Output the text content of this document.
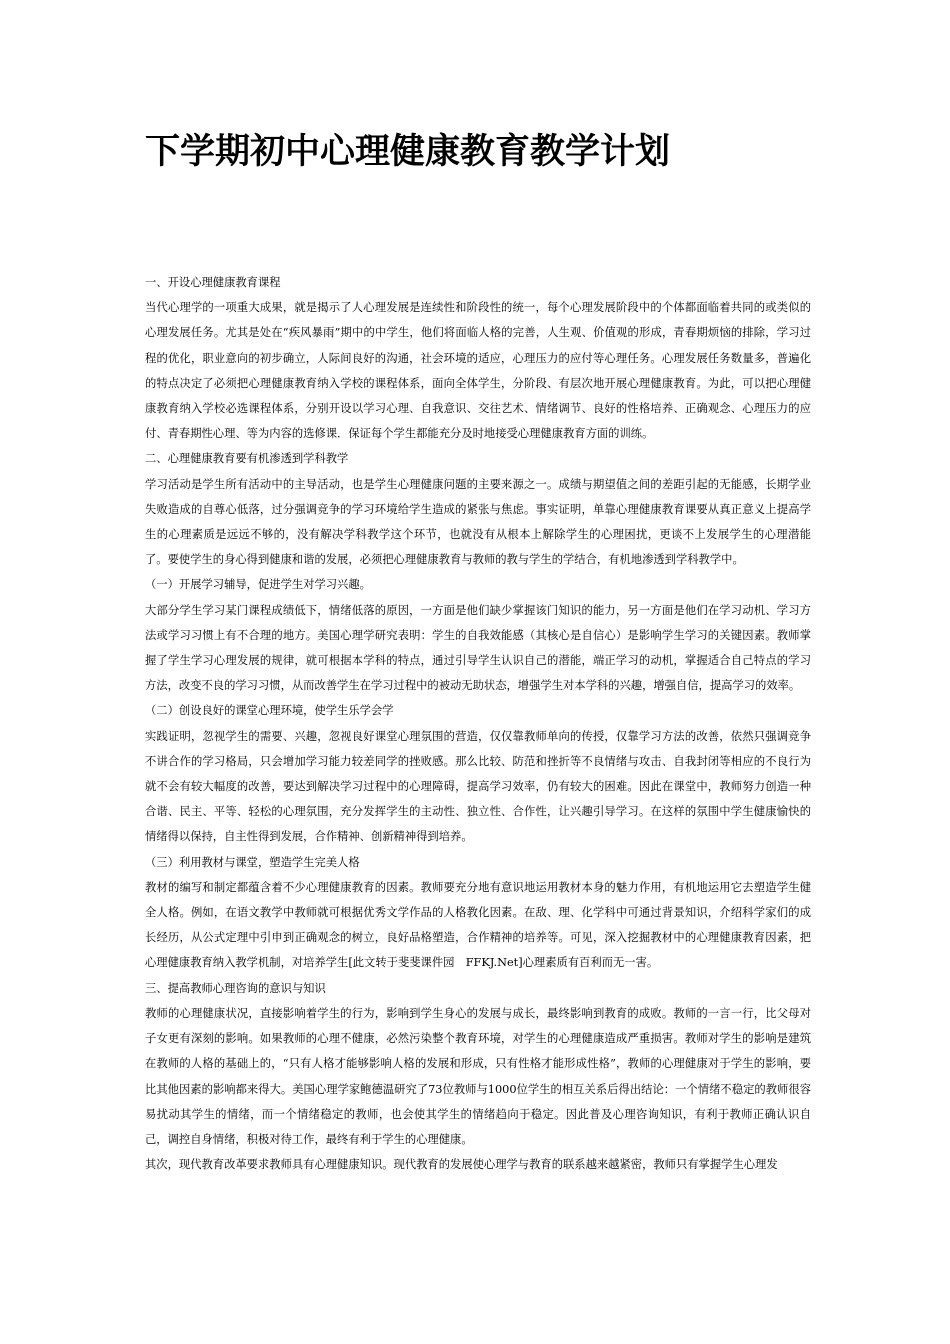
下学期初中心理健康教育教学计划

一、开设心理健康教育课程

当代心理学的一项重大成果，就是揭示了人心理发展是连续性和阶段性的统一，每个心理发展阶段中的个体都面临着共同的或类似的心理发展任务。尤其是处在“疾风暴雨”期中的中学生，他们将面临人格的完善，人生观、价值观的形成，青春期烦恼的排除，学习过程的优化，职业意向的初步确立，人际间良好的沟通，社会环境的适应，心理压力的应付等心理任务。心理发展任务数量多，普遍化的特点决定了必须把心理健康教育纳入学校的课程体系，面向全体学生，分阶段、有层次地开展心理健康教育。为此，可以把心理健康教育纳入学校必选课程体系，分别开设以学习心理、自我意识、交往艺术、情绪调节、良好的性格培养、正确观念、心理压力的应付、青春期性心理、等为内容的选修课．保证每个学生都能充分及时地接受心理健康教育方面的训练。

二、心理健康教育要有机渗透到学科教学

学习活动是学生所有活动中的主导活动，也是学生心理健康问题的主要来源之一。成绩与期望值之间的差距引起的无能感，长期学业失败造成的自尊心低落，过分强调竞争的学习环境给学生造成的紧张与焦虑。事实证明，单靠心理健康教育课要从真正意义上提高学生的心理素质是远远不够的，没有解决学科教学这个环节，也就没有从根本上解除学生的心理困扰，更谈不上发展学生的心理潜能了。要使学生的身心得到健康和谐的发展，必须把心理健康教育与教师的教与学生的学结合，有机地渗透到学科教学中。

（一）开展学习辅导，促进学生对学习兴趣。

大部分学生学习某门课程成绩低下，情绪低落的原因，一方面是他们缺少掌握该门知识的能力，另一方面是他们在学习动机、学习方法或学习习惯上有不合理的地方。美国心理学研究表明：学生的自我效能感（其核心是自信心）是影响学生学习的关键因素。教师掌握了学生学习心理发展的规律，就可根据本学科的特点，通过引导学生认识自己的潜能，端正学习的动机，掌握适合自己特点的学习方法，改变不良的学习习惯，从而改善学生在学习过程中的被动无助状态，增强学生对本学科的兴趣，增强自信，提高学习的效率。

（二）创设良好的课堂心理环境，使学生乐学会学

实践证明，忽视学生的需要、兴趣，忽视良好课堂心理氛围的营造，仅仅靠教师单向的传授，仅靠学习方法的改善，依然只强调竞争不讲合作的学习格局，只会增加学习能力较差同学的挫败感。那么比较、防范和挫折等不良情绪与攻击、自我封闭等相应的不良行为就不会有较大幅度的改善，要达到解决学习过程中的心理障碍，提高学习效率，仍有较大的困难。因此在课堂中，教师努力创造一种合谐、民主、平等、轻松的心理氛围，充分发挥学生的主动性、独立性、合作性，让兴趣引导学习。在这样的氛围中学生健康愉快的情绪得以保持，自主性得到发展，合作精神、创新精神得到培养。

（三）利用教材与课堂，塑造学生完美人格

教材的编写和制定都蕴含着不少心理健康教育的因素。教师要充分地有意识地运用教材本身的魅力作用，有机地运用它去塑造学生健全人格。例如，在语文教学中教师就可根据优秀文学作品的人格教化因素。在敌、理、化学科中可通过背景知识，介绍科学家们的成长经历，从公式定理中引申到正确观念的树立，良好品格塑造，合作精神的培养等。可见，深入挖掘教材中的心理健康教育因素，把心理健康教育纳入教学机制，对培养学生[此文转于斐斐课件园　FFKJ.Net]心理素质有百利而无一害。

三、提高教师心理咨询的意识与知识

教师的心理健康状况，直接影响着学生的行为，影响到学生身心的发展与成长，最终影响到教育的成败。教师的一言一行，比父母对子女更有深刻的影响。如果教师的心理不健康，必然污染整个教育环境，对学生的心理健康造成严重损害。教师对学生的影响是建筑在教师的人格的基础上的，“只有人格才能够影响人格的发展和形成，只有性格才能形成性格”，教师的心理健康对于学生的影响，要比其他因素的影响都来得大。美国心理学家鲍德温研究了73位教师与1000位学生的相互关系后得出结论：一个情绪不稳定的教师很容易扰动其学生的情绪，而一个情绪稳定的教师，也会使其学生的情绪趋向于稳定。因此普及心理咨询知识，有利于教师正确认识自己，调控自身情绪，积极对待工作，最终有利于学生的心理健康。

其次，现代教育改革要求教师具有心理健康知识。现代教育的发展使心理学与教育的联系越来越紧密，教师只有掌握学生心理发
